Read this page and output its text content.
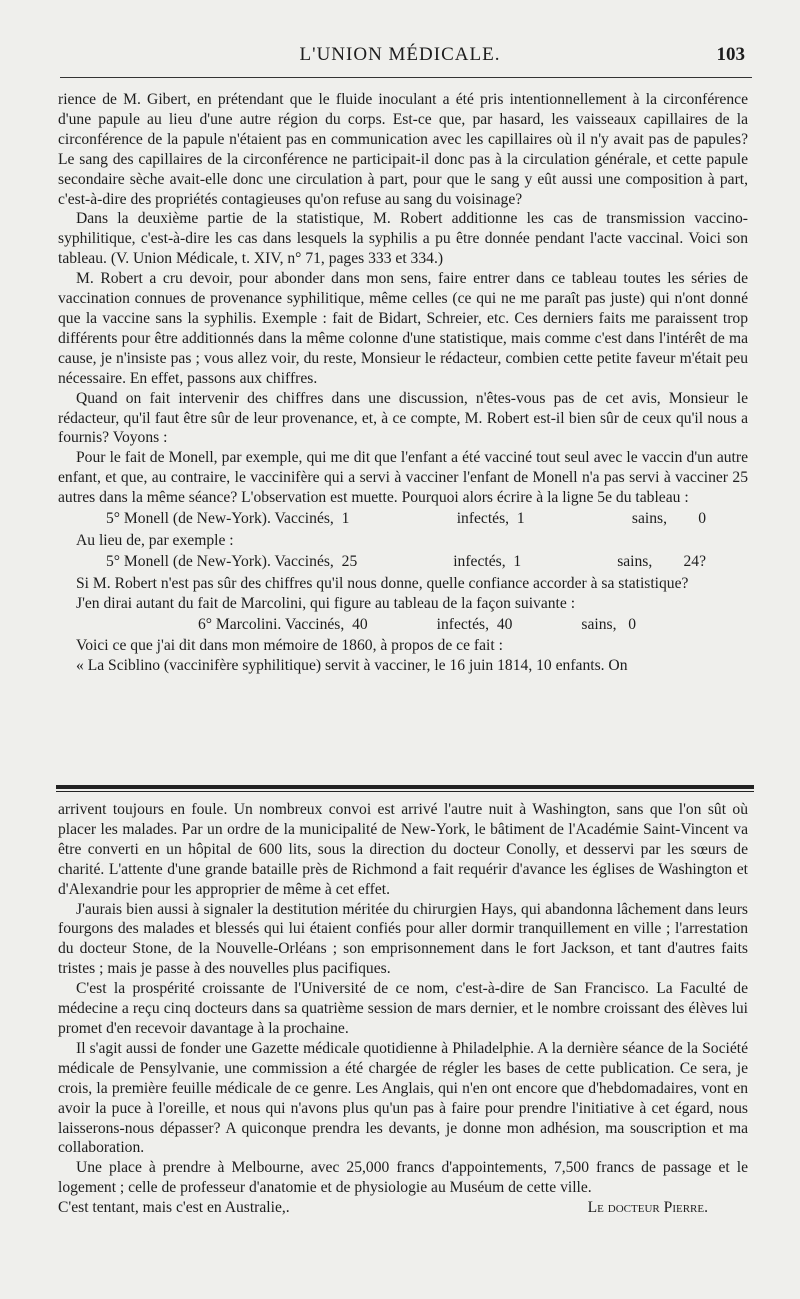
L'UNION MÉDICALE.	103

rience de M. Gibert, en prétendant que le fluide inoculant a été pris intentionnellement à la circonférence d'une papule au lieu d'une autre région du corps. Est-ce que, par hasard, les vaisseaux capillaires de la circonférence de la papule n'étaient pas en communication avec les capillaires où il n'y avait pas de papules? Le sang des capillaires de la circonférence ne participait-il donc pas à la circulation générale, et cette papule secondaire sèche avait-elle donc une circulation à part, pour que le sang y eût aussi une composition à part, c'est-à-dire des propriétés contagieuses qu'on refuse au sang du voisinage?

Dans la deuxième partie de la statistique, M. Robert additionne les cas de transmission vaccino-syphilitique, c'est-à-dire les cas dans lesquels la syphilis a pu être donnée pendant l'acte vaccinal. Voici son tableau. (V. Union Médicale, t. XIV, n° 71, pages 333 et 334.)

M. Robert a cru devoir, pour abonder dans mon sens, faire entrer dans ce tableau toutes les séries de vaccination connues de provenance syphilitique, même celles (ce qui ne me paraît pas juste) qui n'ont donné que la vaccine sans la syphilis. Exemple : fait de Bidart, Schreier, etc. Ces derniers faits me paraissent trop différents pour être additionnés dans la même colonne d'une statistique, mais comme c'est dans l'intérêt de ma cause, je n'insiste pas ; vous allez voir, du reste, Monsieur le rédacteur, combien cette petite faveur m'était peu nécessaire. En effet, passons aux chiffres.

Quand on fait intervenir des chiffres dans une discussion, n'êtes-vous pas de cet avis, Monsieur le rédacteur, qu'il faut être sûr de leur provenance, et, à ce compte, M. Robert est-il bien sûr de ceux qu'il nous a fournis? Voyons :

Pour le fait de Monell, par exemple, qui me dit que l'enfant a été vacciné tout seul avec le vaccin d'un autre enfant, et que, au contraire, le vaccinifère qui a servi à vacciner l'enfant de Monell n'a pas servi à vacciner 25 autres dans la même séance? L'observation est muette. Pourquoi alors écrire à la ligne 5e du tableau :

5° Monell (de New-York). Vaccinés, 1	infectés, 1	sains, 0

Au lieu de, par exemple :

5° Monell (de New-York). Vaccinés, 25	infectés, 1	sains, 24?

Si M. Robert n'est pas sûr des chiffres qu'il nous donne, quelle confiance accorder à sa statistique?

J'en dirai autant du fait de Marcolini, qui figure au tableau de la façon suivante :

6° Marcolini. Vaccinés, 40	infectés, 40	sains, 0

Voici ce que j'ai dit dans mon mémoire de 1860, à propos de ce fait :

« La Sciblino (vaccinifère syphilitique) servit à vacciner, le 16 juin 1814, 10 enfants. On

arrivent toujours en foule. Un nombreux convoi est arrivé l'autre nuit à Washington, sans que l'on sût où placer les malades. Par un ordre de la municipalité de New-York, le bâtiment de l'Académie Saint-Vincent va être converti en un hôpital de 600 lits, sous la direction du docteur Conolly, et desservi par les sœurs de charité. L'attente d'une grande bataille près de Richmond a fait requérir d'avance les églises de Washington et d'Alexandrie pour les approprier de même à cet effet.

J'aurais bien aussi à signaler la destitution méritée du chirurgien Hays, qui abandonna lâchement dans leurs fourgons des malades et blessés qui lui étaient confiés pour aller dormir tranquillement en ville ; l'arrestation du docteur Stone, de la Nouvelle-Orléans ; son emprisonnement dans le fort Jackson, et tant d'autres faits tristes ; mais je passe à des nouvelles plus pacifiques.

C'est la prospérité croissante de l'Université de ce nom, c'est-à-dire de San Francisco. La Faculté de médecine a reçu cinq docteurs dans sa quatrième session de mars dernier, et le nombre croissant des élèves lui promet d'en recevoir davantage à la prochaine.

Il s'agit aussi de fonder une Gazette médicale quotidienne à Philadelphie. A la dernière séance de la Société médicale de Pensylvanie, une commission a été chargée de régler les bases de cette publication. Ce sera, je crois, la première feuille médicale de ce genre. Les Anglais, qui n'en ont encore que d'hebdomadaires, vont en avoir la puce à l'oreille, et nous qui n'avons plus qu'un pas à faire pour prendre l'initiative à cet égard, nous laisserons-nous dépasser? A quiconque prendra les devants, je donne mon adhésion, ma souscription et ma collaboration.

Une place à prendre à Melbourne, avec 25,000 francs d'appointements, 7,500 francs de passage et le logement ; celle de professeur d'anatomie et de physiologie au Muséum de cette ville.

C'est tentant, mais c'est en Australie,.	Le docteur Pierre.
